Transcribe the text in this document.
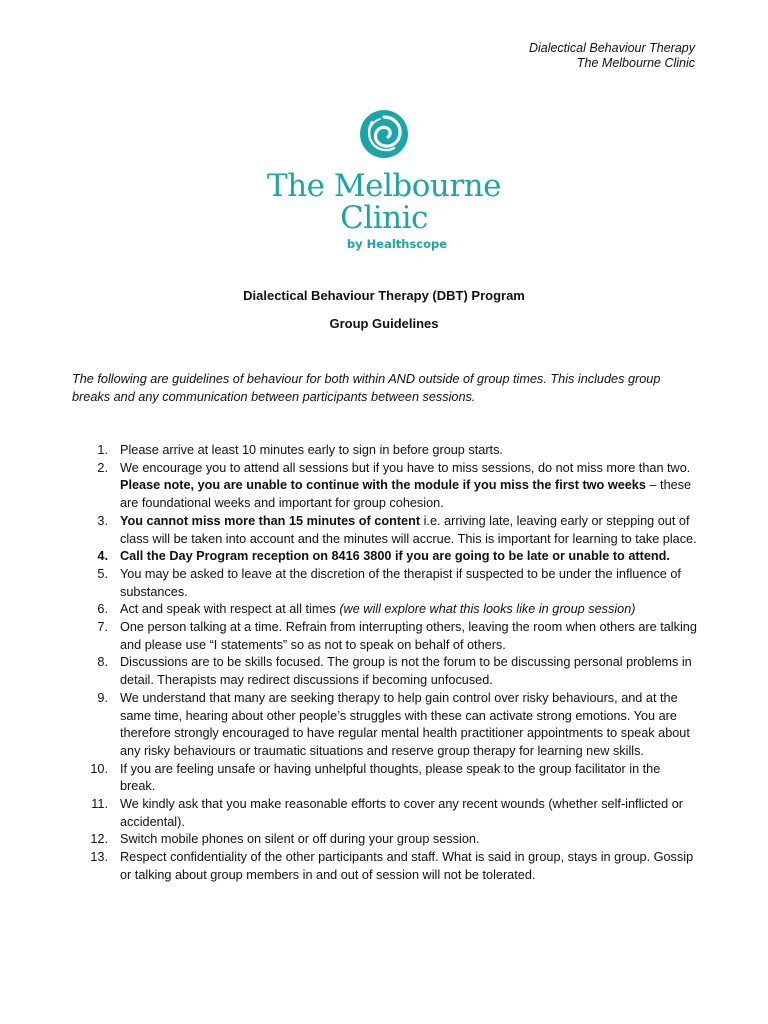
Dialectical Behaviour Therapy
The Melbourne Clinic
The Melbourne
Clinic
by Healthscope
Dialectical Behaviour Therapy (DBT) Program
Group Guidelines
The following are guidelines of behaviour for both within AND outside of group times. This includes group breaks and any communication between participants between sessions.
1. Please arrive at least 10 minutes early to sign in before group starts.
2. We encourage you to attend all sessions but if you have to miss sessions, do not miss more than two. Please note, you are unable to continue with the module if you miss the first two weeks – these are foundational weeks and important for group cohesion.
3. You cannot miss more than 15 minutes of content i.e. arriving late, leaving early or stepping out of class will be taken into account and the minutes will accrue. This is important for learning to take place.
4. Call the Day Program reception on 8416 3800 if you are going to be late or unable to attend.
5. You may be asked to leave at the discretion of the therapist if suspected to be under the influence of substances.
6. Act and speak with respect at all times (we will explore what this looks like in group session)
7. One person talking at a time. Refrain from interrupting others, leaving the room when others are talking and please use “I statements” so as not to speak on behalf of others.
8. Discussions are to be skills focused. The group is not the forum to be discussing personal problems in detail. Therapists may redirect discussions if becoming unfocused.
9. We understand that many are seeking therapy to help gain control over risky behaviours, and at the same time, hearing about other people’s struggles with these can activate strong emotions. You are therefore strongly encouraged to have regular mental health practitioner appointments to speak about any risky behaviours or traumatic situations and reserve group therapy for learning new skills.
10. If you are feeling unsafe or having unhelpful thoughts, please speak to the group facilitator in the break.
11. We kindly ask that you make reasonable efforts to cover any recent wounds (whether self-inflicted or accidental).
12. Switch mobile phones on silent or off during your group session.
13. Respect confidentiality of the other participants and staff. What is said in group, stays in group. Gossip or talking about group members in and out of session will not be tolerated.
